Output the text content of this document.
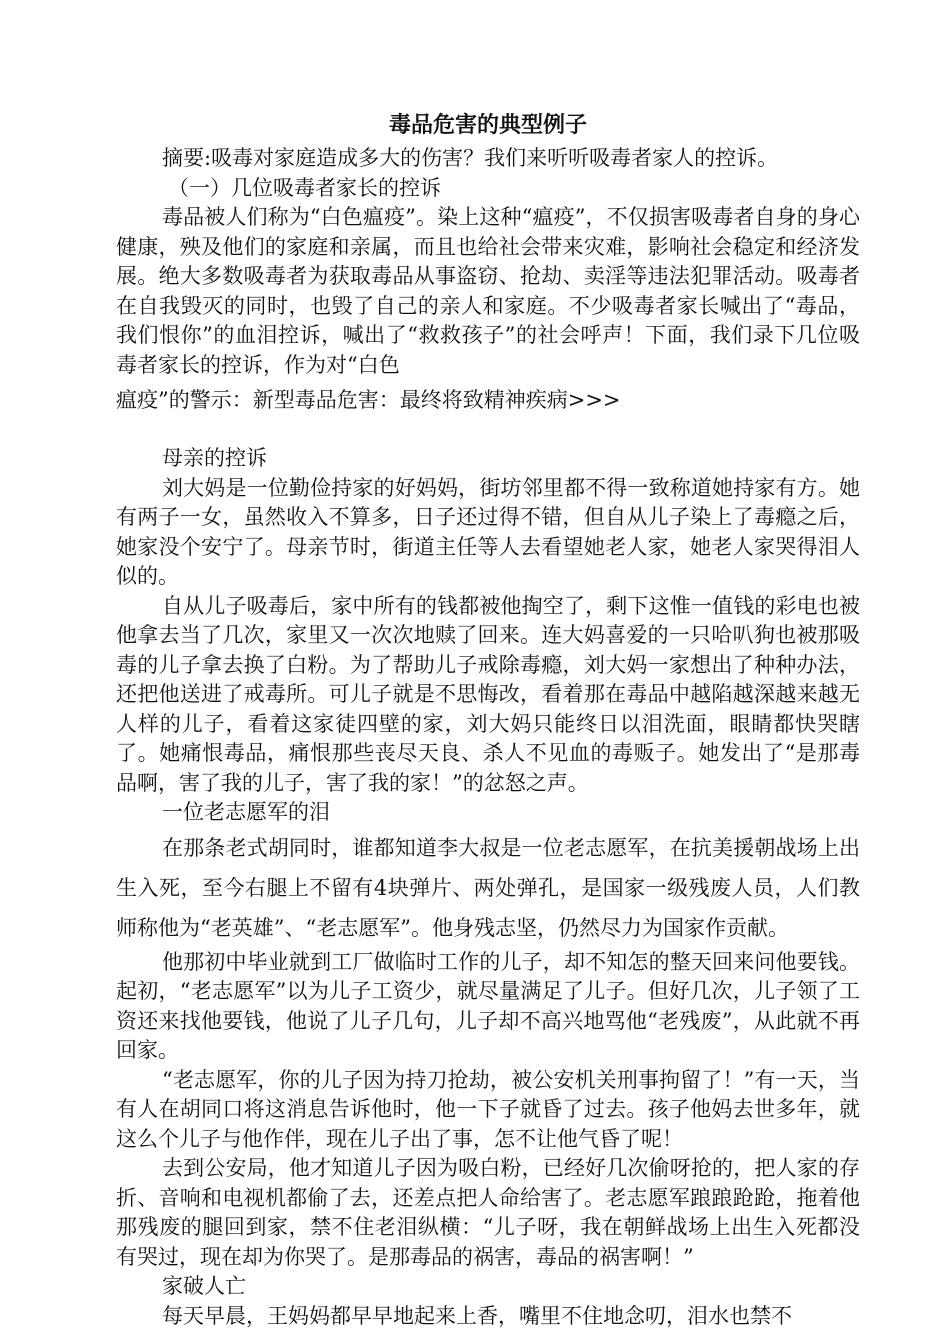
毒品危害的典型例子

摘要:吸毒对家庭造成多大的伤害？我们来听听吸毒者家人的控诉。

（一）几位吸毒者家长的控诉

毒品被人们称为“白色瘟疫”。染上这种“瘟疫”，不仅损害吸毒者自身的身心健康，殃及他们的家庭和亲属，而且也给社会带来灾难，影响社会稳定和经济发展。绝大多数吸毒者为获取毒品从事盗窃、抢劫、卖淫等违法犯罪活动。吸毒者在自我毁灭的同时，也毁了自己的亲人和家庭。不少吸毒者家长喊出了“毒品，我们恨你”的血泪控诉，喊出了“救救孩子”的社会呼声！下面，我们录下几位吸毒者家长的控诉，作为对“白色

瘟疫”的警示：新型毒品危害：最终将致精神疾病>>>

母亲的控诉

刘大妈是一位勤俭持家的好妈妈，街坊邻里都不得一致称道她持家有方。她有两子一女，虽然收入不算多，日子还过得不错，但自从儿子染上了毒瘾之后，她家没个安宁了。母亲节时，街道主任等人去看望她老人家，她老人家哭得泪人似的。

自从儿子吸毒后，家中所有的钱都被他掏空了，剩下这惟一值钱的彩电也被他拿去当了几次，家里又一次次地赎了回来。连大妈喜爱的一只哈叭狗也被那吸毒的儿子拿去换了白粉。为了帮助儿子戒除毒瘾，刘大妈一家想出了种种办法，还把他送进了戒毒所。可儿子就是不思悔改，看着那在毒品中越陷越深越来越无人样的儿子，看着这家徒四壁的家，刘大妈只能终日以泪洗面，眼睛都快哭瞎了。她痛恨毒品，痛恨那些丧尽天良、杀人不见血的毒贩子。她发出了“是那毒品啊，害了我的儿子，害了我的家！”的忿怒之声。

一位老志愿军的泪

在那条老式胡同时，谁都知道李大叔是一位老志愿军，在抗美援朝战场上出生入死，至今右腿上不留有4块弹片、两处弹孔，是国家一级残废人员，人们教师称他为“老英雄”、“老志愿军”。他身残志坚，仍然尽力为国家作贡献。

他那初中毕业就到工厂做临时工作的儿子，却不知怎的整天回来问他要钱。起初，“老志愿军”以为儿子工资少，就尽量满足了儿子。但好几次，儿子领了工资还来找他要钱，他说了儿子几句，儿子却不高兴地骂他“老残废”，从此就不再回家。

“老志愿军，你的儿子因为持刀抢劫，被公安机关刑事拘留了！”有一天，当有人在胡同口将这消息告诉他时，他一下子就昏了过去。孩子他妈去世多年，就这么个儿子与他作伴，现在儿子出了事，怎不让他气昏了呢！

去到公安局，他才知道儿子因为吸白粉，已经好几次偷呀抢的，把人家的存折、音响和电视机都偷了去，还差点把人命给害了。老志愿军踉踉跄跄，拖着他那残废的腿回到家，禁不住老泪纵横：“儿子呀，我在朝鲜战场上出生入死都没有哭过，现在却为你哭了。是那毒品的祸害，毒品的祸害啊！”

家破人亡

每天早晨，王妈妈都早早地起来上香，嘴里不住地念叨，泪水也禁不
